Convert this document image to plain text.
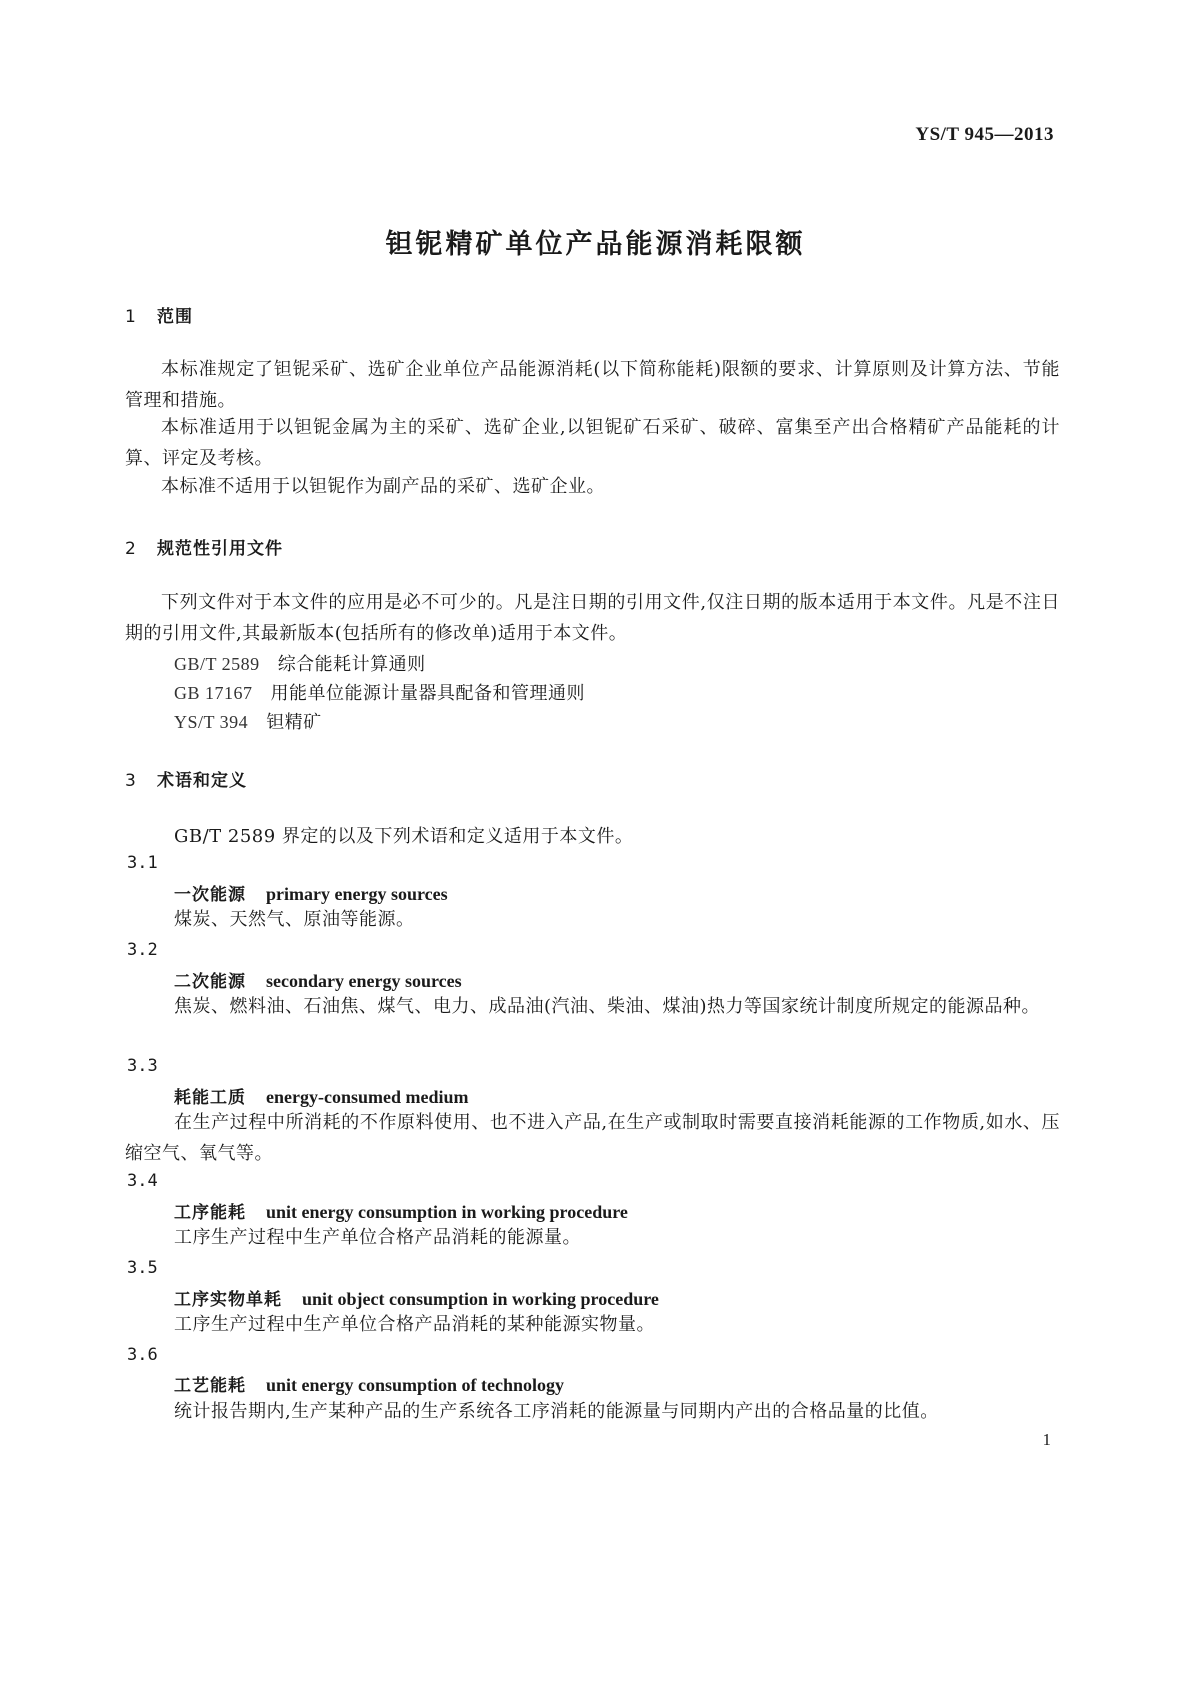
YS/T 945—2013
钽铌精矿单位产品能源消耗限额
1 范围
本标准规定了钽铌采矿、选矿企业单位产品能源消耗(以下简称能耗)限额的要求、计算原则及计算方法、节能管理和措施。
本标准适用于以钽铌金属为主的采矿、选矿企业,以钽铌矿石采矿、破碎、富集至产出合格精矿产品能耗的计算、评定及考核。
本标准不适用于以钽铌作为副产品的采矿、选矿企业。
2 规范性引用文件
下列文件对于本文件的应用是必不可少的。凡是注日期的引用文件,仅注日期的版本适用于本文件。凡是不注日期的引用文件,其最新版本(包括所有的修改单)适用于本文件。
GB/T 2589 综合能耗计算通则
GB 17167 用能单位能源计量器具配备和管理通则
YS/T 394 钽精矿
3 术语和定义
GB/T 2589 界定的以及下列术语和定义适用于本文件。
3.1
一次能源 primary energy sources
煤炭、天然气、原油等能源。
3.2
二次能源 secondary energy sources
焦炭、燃料油、石油焦、煤气、电力、成品油(汽油、柴油、煤油)热力等国家统计制度所规定的能源品种。
3.3
耗能工质 energy-consumed medium
在生产过程中所消耗的不作原料使用、也不进入产品,在生产或制取时需要直接消耗能源的工作物质,如水、压缩空气、氧气等。
3.4
工序能耗 unit energy consumption in working procedure
工序生产过程中生产单位合格产品消耗的能源量。
3.5
工序实物单耗 unit object consumption in working procedure
工序生产过程中生产单位合格产品消耗的某种能源实物量。
3.6
工艺能耗 unit energy consumption of technology
统计报告期内,生产某种产品的生产系统各工序消耗的能源量与同期内产出的合格品量的比值。
1
